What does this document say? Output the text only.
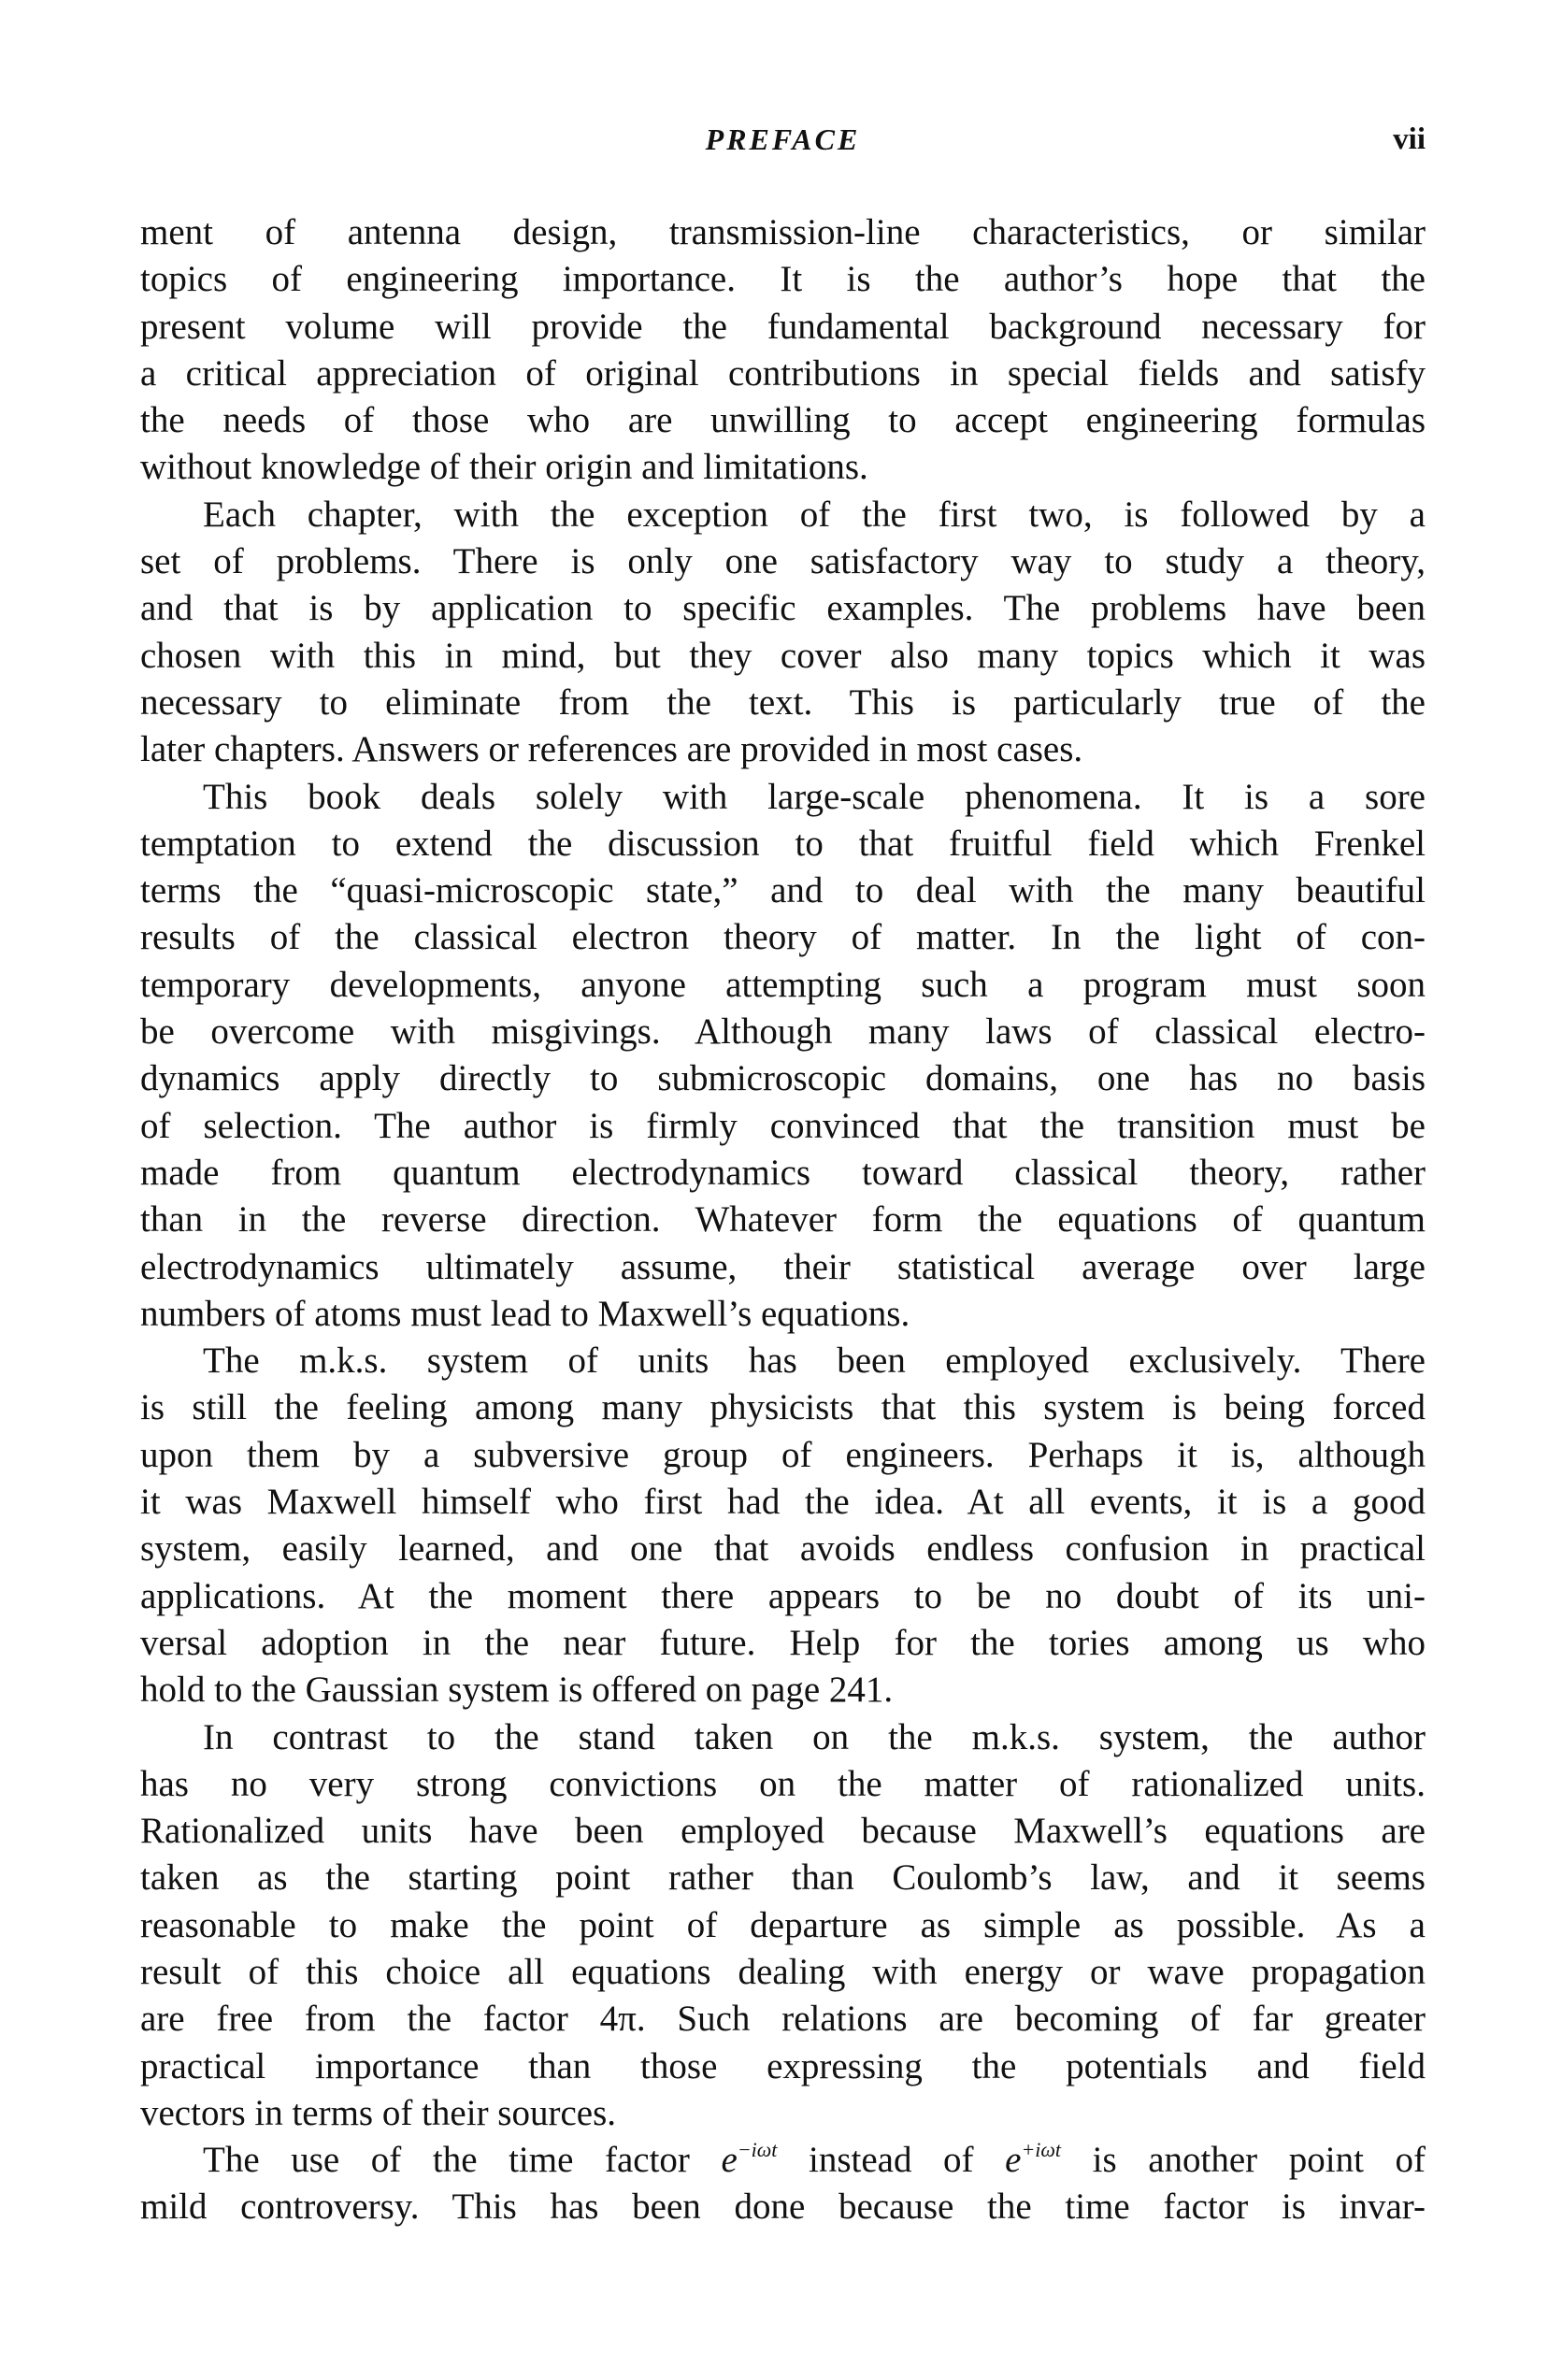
PREFACE	vii
ment of antenna design, transmission-line characteristics, or similar
topics of engineering importance. It is the author’s hope that the
present volume will provide the fundamental background necessary for
a critical appreciation of original contributions in special fields and satisfy
the needs of those who are unwilling to accept engineering formulas
without knowledge of their origin and limitations.
Each chapter, with the exception of the first two, is followed by a
set of problems. There is only one satisfactory way to study a theory,
and that is by application to specific examples. The problems have been
chosen with this in mind, but they cover also many topics which it was
necessary to eliminate from the text. This is particularly true of the
later chapters. Answers or references are provided in most cases.
This book deals solely with large-scale phenomena. It is a sore
temptation to extend the discussion to that fruitful field which Frenkel
terms the “quasi-microscopic state,” and to deal with the many beautiful
results of the classical electron theory of matter. In the light of con-
temporary developments, anyone attempting such a program must soon
be overcome with misgivings. Although many laws of classical electro-
dynamics apply directly to submicroscopic domains, one has no basis
of selection. The author is firmly convinced that the transition must be
made from quantum electrodynamics toward classical theory, rather
than in the reverse direction. Whatever form the equations of quantum
electrodynamics ultimately assume, their statistical average over large
numbers of atoms must lead to Maxwell’s equations.
The m.k.s. system of units has been employed exclusively. There
is still the feeling among many physicists that this system is being forced
upon them by a subversive group of engineers. Perhaps it is, although
it was Maxwell himself who first had the idea. At all events, it is a good
system, easily learned, and one that avoids endless confusion in practical
applications. At the moment there appears to be no doubt of its uni-
versal adoption in the near future. Help for the tories among us who
hold to the Gaussian system is offered on page 241.
In contrast to the stand taken on the m.k.s. system, the author
has no very strong convictions on the matter of rationalized units.
Rationalized units have been employed because Maxwell’s equations are
taken as the starting point rather than Coulomb’s law, and it seems
reasonable to make the point of departure as simple as possible. As a
result of this choice all equations dealing with energy or wave propagation
are free from the factor 4π. Such relations are becoming of far greater
practical importance than those expressing the potentials and field
vectors in terms of their sources.
The use of the time factor $e^{-i\omega t}$ instead of $e^{+i\omega t}$ is another point of
mild controversy. This has been done because the time factor is invar-
